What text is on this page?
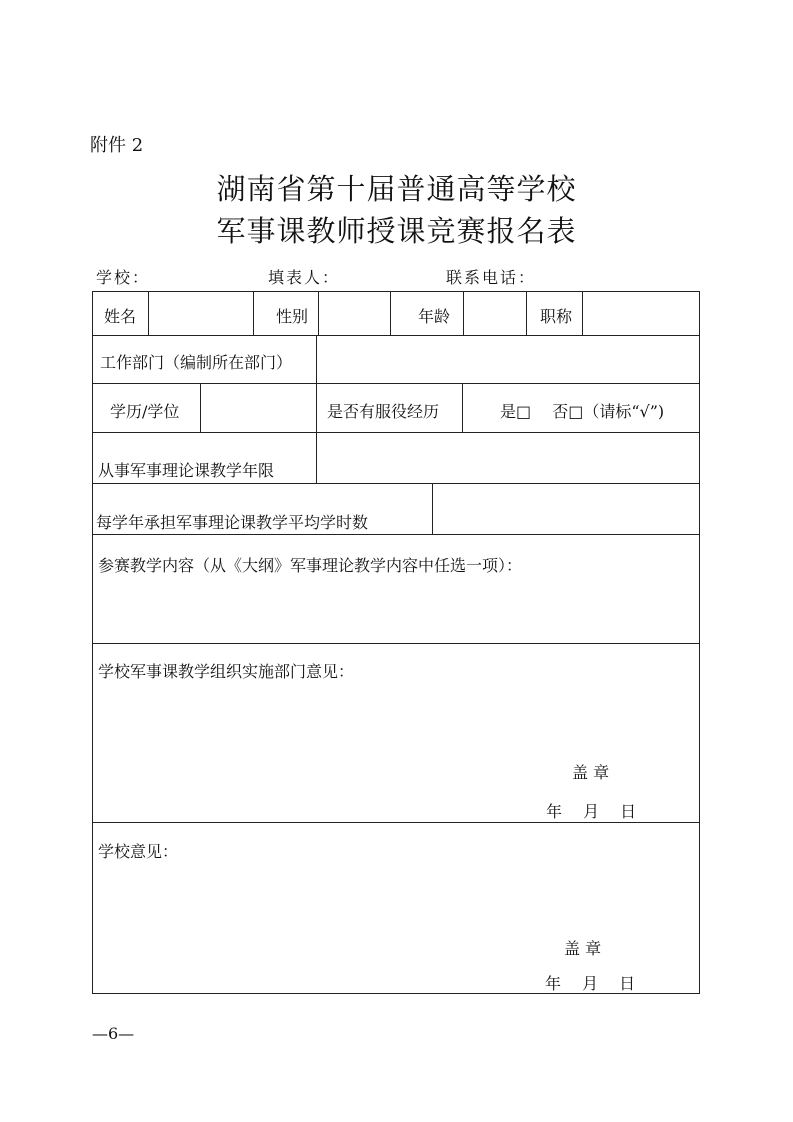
附件 2
湖南省第十届普通高等学校
军事课教师授课竞赛报名表
学校：	填表人：	联系电话：
姓名	性别	年龄	职称
工作部门（编制所在部门）
学历/学位	是否有服役经历	是□　 否□（请标“√”)
从事军事理论课教学年限
每学年承担军事理论课教学平均学时数
参赛教学内容（从《大纲》军事理论教学内容中任选一项）：
学校军事课教学组织实施部门意见：
盖 章
年　 月　 日
学校意见：
盖 章
年　 月　 日
—6—
